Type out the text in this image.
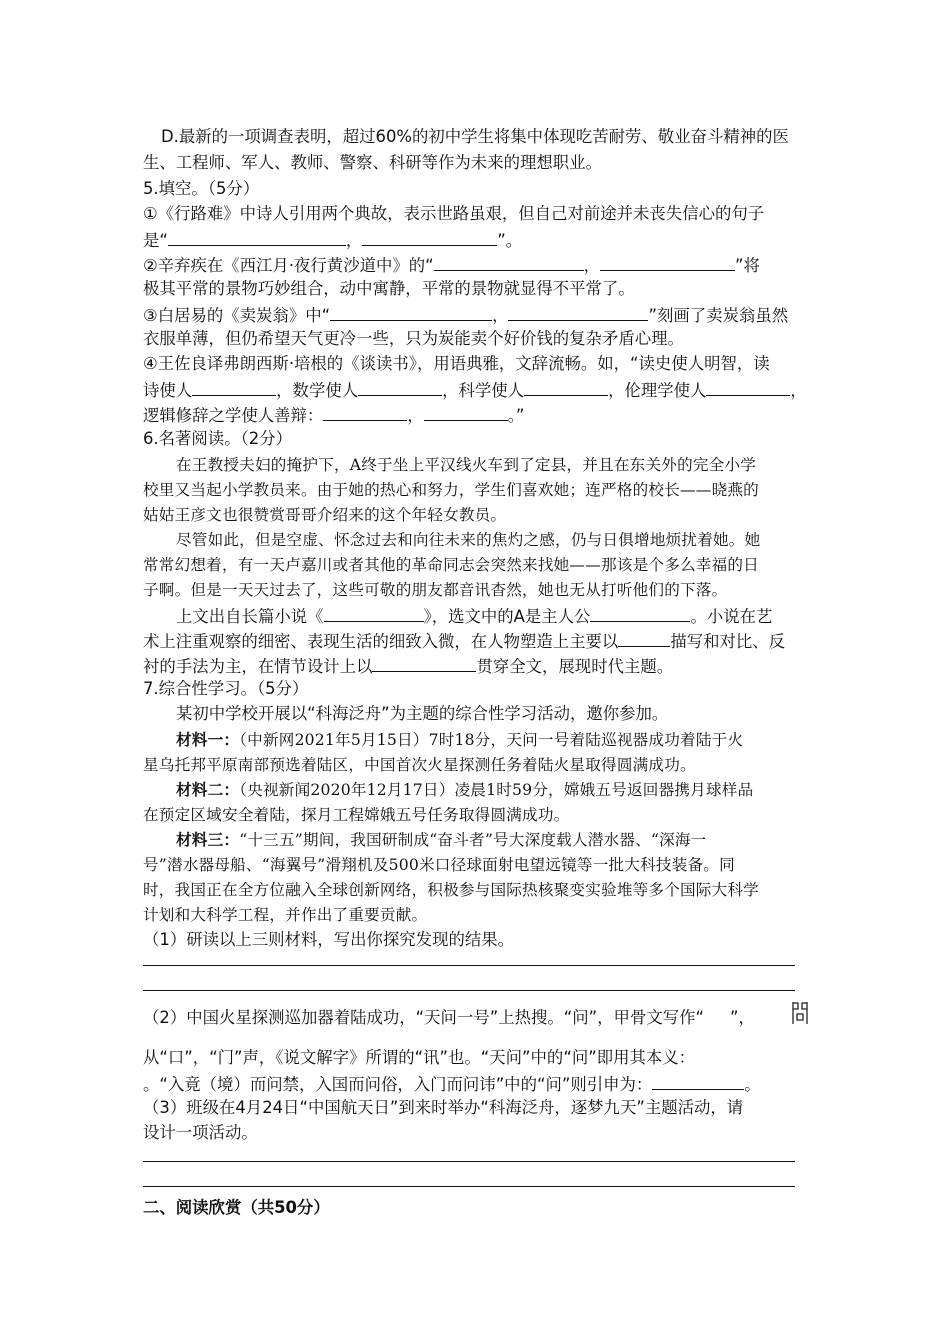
D.最新的一项调查表明，超过60%的初中学生将集中体现吃苦耐劳、敬业奋斗精神的医
生、工程师、军人、教师、警察、科研等作为未来的理想职业。
5.填空。（5分）
①《行路难》中诗人引用两个典故，表示世路虽艰，但自己对前途并未丧失信心的句子
是“	，	”。
②辛弃疾在《西江月·夜行黄沙道中》的“	，	”将
极其平常的景物巧妙组合，动中寓静，平常的景物就显得不平常了。
③白居易的《卖炭翁》中“	，	”刻画了卖炭翁虽然
衣服单薄，但仍希望天气更冷一些，只为炭能卖个好价钱的复杂矛盾心理。
④王佐良译弗朗西斯·培根的《谈读书》，用语典雅，文辞流畅。如，“读史使人明智，读
诗使人	，数学使人	，科学使人	，伦理学使人	，
逻辑修辞之学使人善辩：	，	。”
6.名著阅读。（2分）
在王教授夫妇的掩护下，A终于坐上平汉线火车到了定县，并且在东关外的完全小学
校里又当起小学教员来。由于她的热心和努力，学生们喜欢她；连严格的校长——晓燕的
姑姑王彦文也很赞赏哥哥介绍来的这个年轻女教员。
尽管如此，但是空虚、怀念过去和向往未来的焦灼之感，仍与日俱增地烦扰着她。她
常常幻想着，有一天卢嘉川或者其他的革命同志会突然来找她——那该是个多么幸福的日
子啊。但是一天天过去了，这些可敬的朋友都音讯杳然，她也无从打听他们的下落。
上文出自长篇小说《	》，选文中的A是主人公	。小说在艺
术上注重观察的细密、表现生活的细致入微，在人物塑造上主要以	描写和对比、反
衬的手法为主，在情节设计上以	贯穿全文，展现时代主题。
7.综合性学习。（5分）
某初中学校开展以“科海泛舟”为主题的综合性学习活动，邀你参加。
材料一：（中新网2021年5月15日）7时18分，天问一号着陆巡视器成功着陆于火
星乌托邦平原南部预选着陆区，中国首次火星探测任务着陆火星取得圆满成功。
材料二：（央视新闻2020年12月17日）凌晨1时59分，嫦娥五号返回器携月球样品
在预定区域安全着陆，探月工程嫦娥五号任务取得圆满成功。
材料三：“十三五”期间，我国研制成“奋斗者”号大深度载人潜水器、“深海一
号”潜水器母船、“海翼号”滑翔机及500米口径球面射电望远镜等一批大科技装备。同
时，我国正在全方位融入全球创新网络，积极参与国际热核聚变实验堆等多个国际大科学
计划和大科学工程，并作出了重要贡献。
（1）研读以上三则材料，写出你探究发现的结果。
（2）中国火星探测巡加器着陆成功，“天问一号”上热搜。“问”，甲骨文写作“ ”，
从“口”，“门”声，《说文解字》所谓的“讯”也。“天问”中的“问”即用其本义：
。“入竟（境）而问禁，入国而问俗，入门而问讳”中的“问”则引申为：	。
（3）班级在4月24日“中国航天日”到来时举办“科海泛舟，逐梦九天”主题活动，请
设计一项活动。
二、阅读欣赏（共50分）
